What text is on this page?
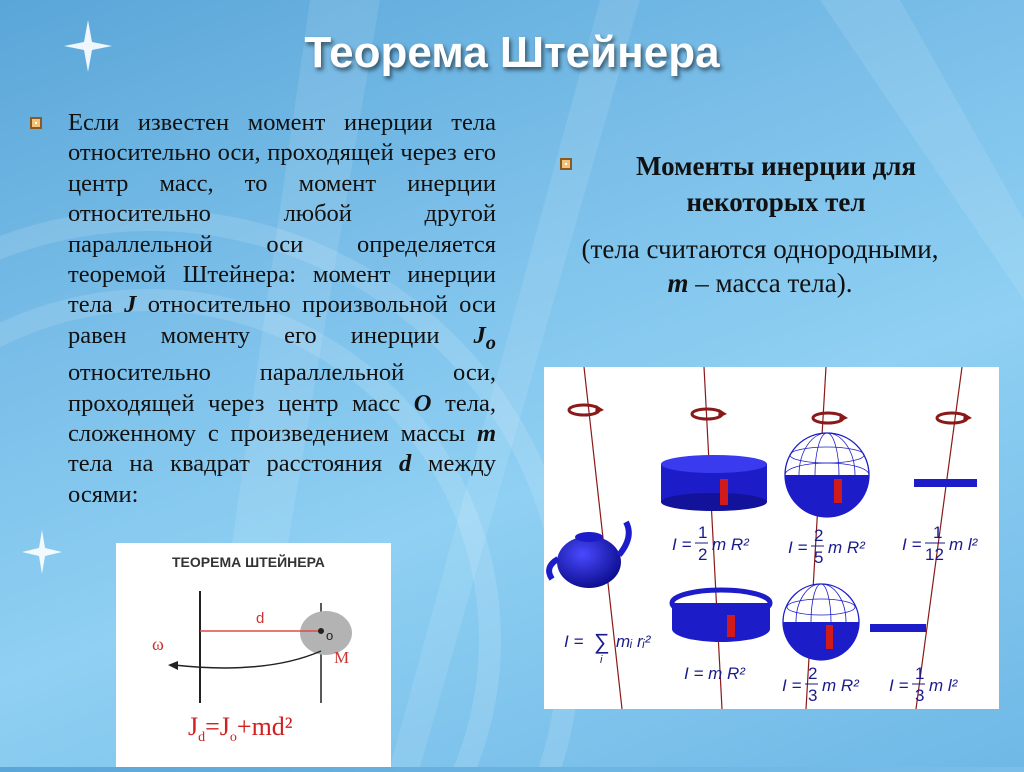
Теорема Штейнера
Если известен момент инерции тела относительно оси, проходящей через его центр масс, то момент инерции относительно любой другой параллельной оси определяется теоремой Штейнера: момент инерции тела J относительно произвольной оси равен моменту его инерции $J_o$ относительно параллельной оси, проходящей через центр масс O тела, сложенному с произведением массы m тела на квадрат расстояния d между осями:
Моменты инерции для
некоторых тел
(тела считаются однородными,
m – масса тела).
ТЕОРЕМА ШТЕЙНЕРА
d
ω	o
M
$J_d=J_o+md^2$
I =
1
2
m R² I =
2
5
m R² I =
1
12
m l²
I = ∑
i
mᵢ rᵢ²
I = m R²
I =
2
3
m R² I =
1
3
m l²
